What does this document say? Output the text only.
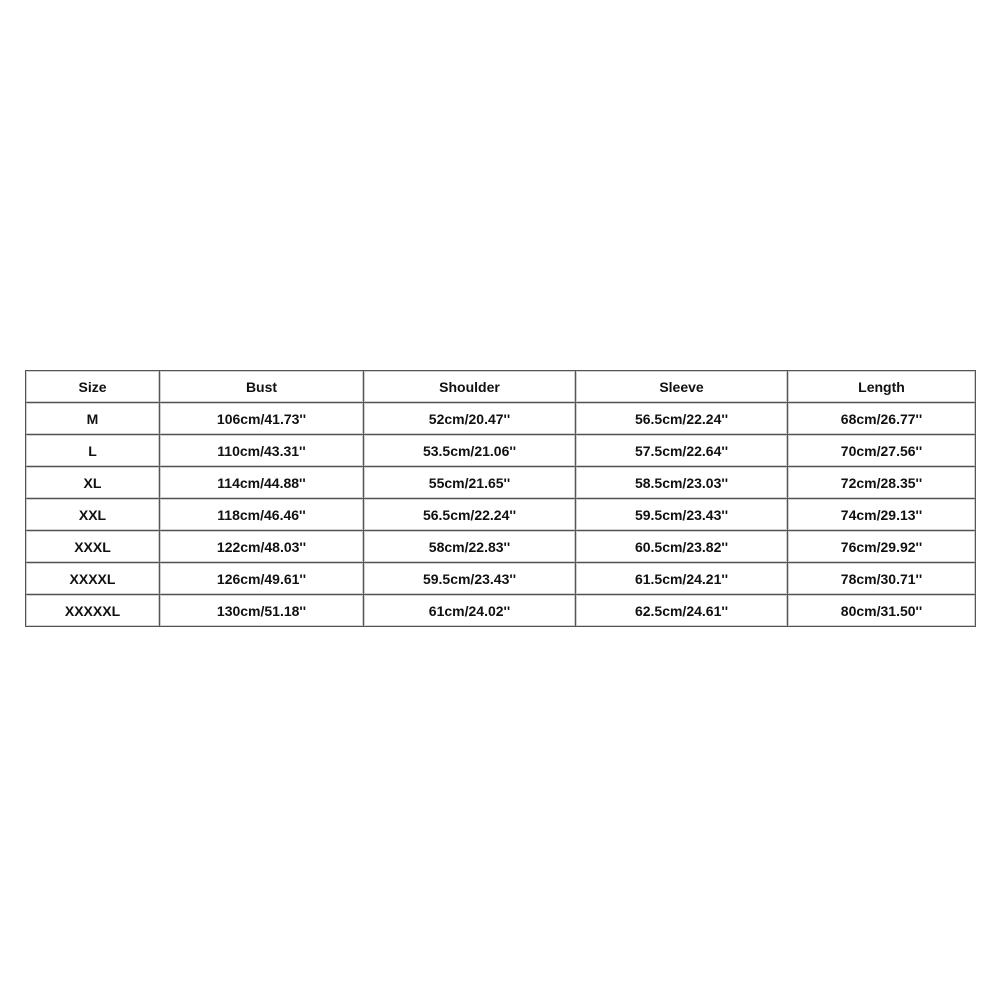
Size	Bust	Shoulder	Sleeve	Length
M	106cm/41.73''	52cm/20.47''	56.5cm/22.24''	68cm/26.77''
L	110cm/43.31''	53.5cm/21.06''	57.5cm/22.64''	70cm/27.56''
XL	114cm/44.88''	55cm/21.65''	58.5cm/23.03''	72cm/28.35''
XXL	118cm/46.46''	56.5cm/22.24''	59.5cm/23.43''	74cm/29.13''
XXXL	122cm/48.03''	58cm/22.83''	60.5cm/23.82''	76cm/29.92''
XXXXL	126cm/49.61''	59.5cm/23.43''	61.5cm/24.21''	78cm/30.71''
XXXXXL	130cm/51.18''	61cm/24.02''	62.5cm/24.61''	80cm/31.50''
